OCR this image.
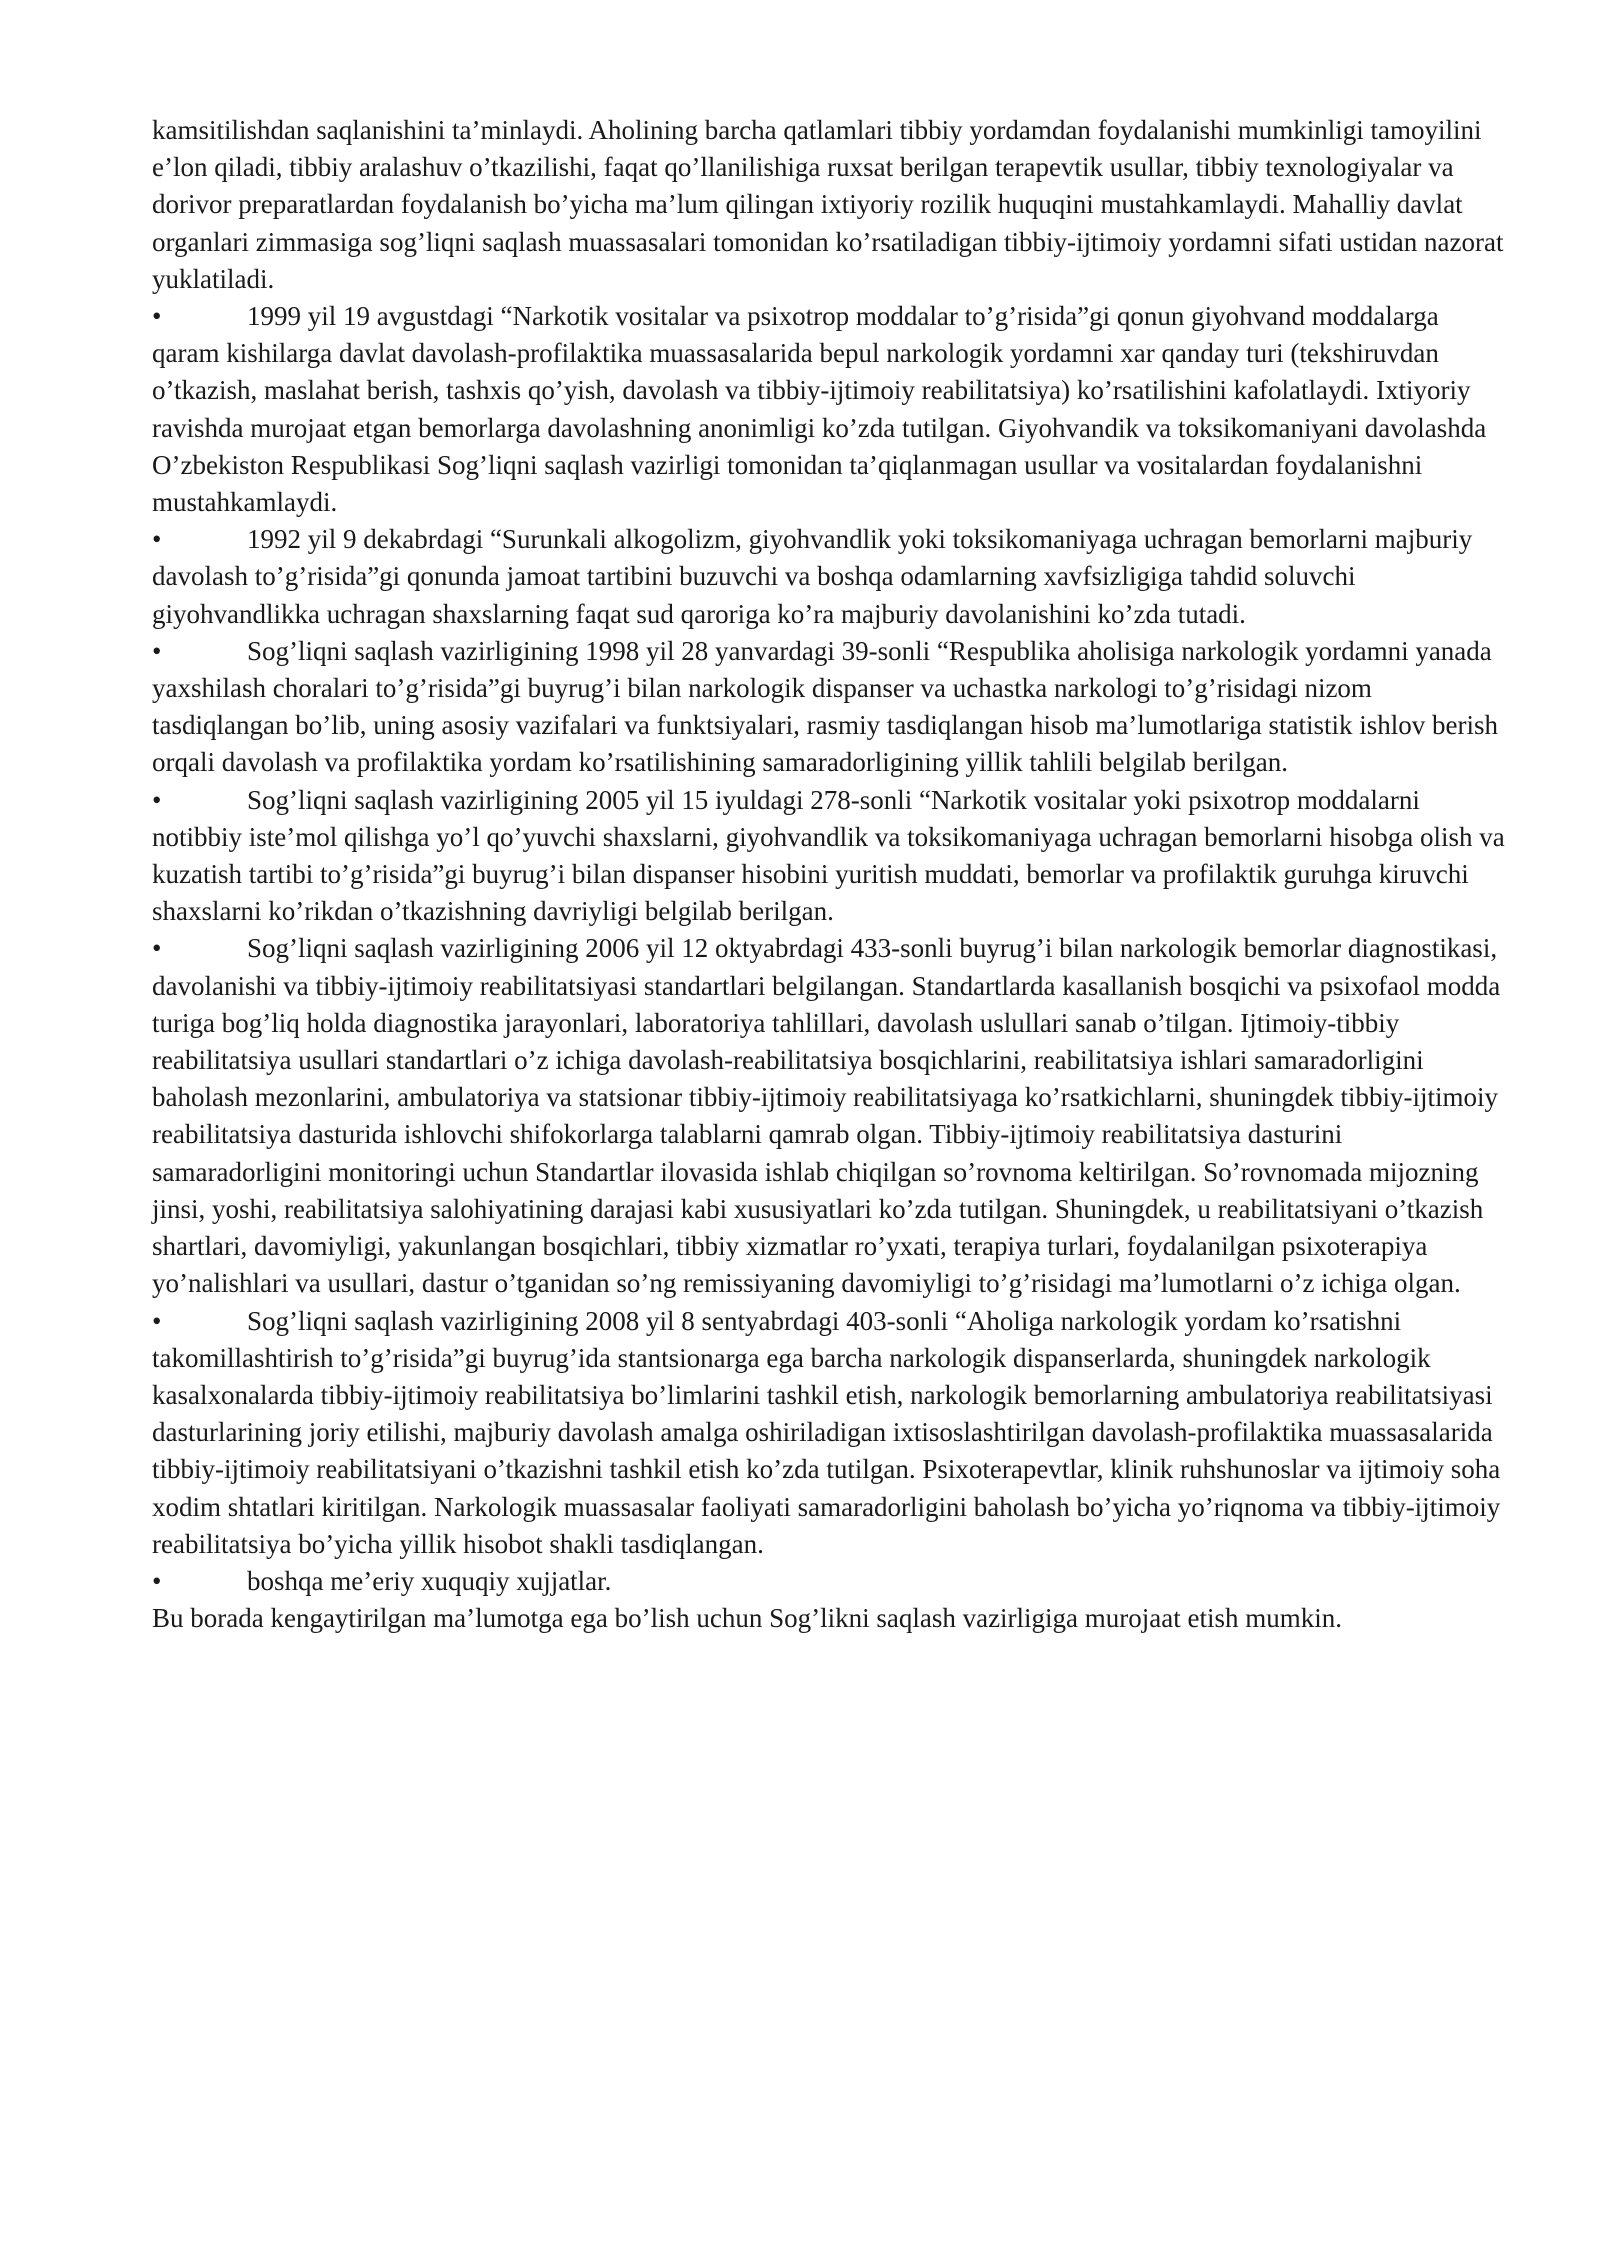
kamsitilishdan saqlanishini ta’minlaydi. Aholining barcha qatlamlari tibbiy yordamdan foydalanishi mumkinligi tamoyilini e’lon qiladi, tibbiy aralashuv o’tkazilishi, faqat qo’llanilishiga ruxsat berilgan terapevtik usullar, tibbiy texnologiyalar va dorivor preparatlardan foydalanish bo’yicha ma’lum qilingan ixtiyoriy rozilik huquqini mustahkamlaydi. Mahalliy davlat organlari zimmasiga sog’liqni saqlash muassasalari tomonidan ko’rsatiladigan tibbiy-ijtimoiy yordamni sifati ustidan nazorat yuklatiladi.

•	1999 yil 19 avgustdagi “Narkotik vositalar va psixotrop moddalar to’g’risida”gi qonun giyohvand moddalarga qaram kishilarga davlat davolash-profilaktika muassasalarida bepul narkologik yordamni xar qanday turi (tekshiruvdan o’tkazish, maslahat berish, tashxis qo’yish, davolash va tibbiy-ijtimoiy reabilitatsiya) ko’rsatilishini kafolatlaydi. Ixtiyoriy ravishda murojaat etgan bemorlarga davolashning anonimligi ko’zda tutilgan. Giyohvandik va toksikomaniyani davolashda O’zbekiston Respublikasi Sog’liqni saqlash vazirligi tomonidan ta’qiqlanmagan usullar va vositalardan foydalanishni mustahkamlaydi.

•	1992 yil 9 dekabrdagi “Surunkali alkogolizm, giyohvandlik yoki toksikomaniyaga uchragan bemorlarni majburiy davolash to’g’risida”gi qonunda jamoat tartibini buzuvchi va boshqa odamlarning xavfsizligiga tahdid soluvchi giyohvandlikka uchragan shaxslarning faqat sud qaroriga ko’ra majburiy davolanishini ko’zda tutadi.

•	Sog’liqni saqlash vazirligining 1998 yil 28 yanvardagi 39-sonli “Respublika aholisiga narkologik yordamni yanada yaxshilash choralari to’g’risida”gi buyrug’i bilan narkologik dispanser va uchastka narkologi to’g’risidagi nizom tasdiqlangan bo’lib, uning asosiy vazifalari va funktsiyalari, rasmiy tasdiqlangan hisob ma’lumotlariga statistik ishlov berish orqali davolash va profilaktika yordam ko’rsatilishining samaradorligining yillik tahlili belgilab berilgan.

•	Sog’liqni saqlash vazirligining 2005 yil 15 iyuldagi 278-sonli “Narkotik vositalar yoki psixotrop moddalarni notibbiy iste’mol qilishga yo’l qo’yuvchi shaxslarni, giyohvandlik va toksikomaniyaga uchragan bemorlarni hisobga olish va kuzatish tartibi to’g’risida”gi buyrug’i bilan dispanser hisobini yuritish muddati, bemorlar va profilaktik guruhga kiruvchi shaxslarni ko’rikdan o’tkazishning davriyligi belgilab berilgan.

•	Sog’liqni saqlash vazirligining 2006 yil 12 oktyabrdagi 433-sonli buyrug’i bilan narkologik bemorlar diagnostikasi, davolanishi va tibbiy-ijtimoiy reabilitatsiyasi standartlari belgilangan. Standartlarda kasallanish bosqichi va psixofaol modda turiga bog’liq holda diagnostika jarayonlari, laboratoriya tahlillari, davolash uslullari sanab o’tilgan. Ijtimoiy-tibbiy reabilitatsiya usullari standartlari o’z ichiga davolash-reabilitatsiya bosqichlarini, reabilitatsiya ishlari samaradorligini baholash mezonlarini, ambulatoriya va statsionar tibbiy-ijtimoiy reabilitatsiyaga ko’rsatkichlarni, shuningdek tibbiy-ijtimoiy reabilitatsiya dasturida ishlovchi shifokorlarga talablarni qamrab olgan. Tibbiy-ijtimoiy reabilitatsiya dasturini samaradorligini monitoringi uchun Standartlar ilovasida ishlab chiqilgan so’rovnoma keltirilgan. So’rovnomada mijozning jinsi, yoshi, reabilitatsiya salohiyatining darajasi kabi xususiyatlari ko’zda tutilgan. Shuningdek, u reabilitatsiyani o’tkazish shartlari, davomiyligi, yakunlangan bosqichlari, tibbiy xizmatlar ro’yxati, terapiya turlari, foydalanilgan psixoterapiya yo’nalishlari va usullari, dastur o’tganidan so’ng remissiyaning davomiyligi to’g’risidagi ma’lumotlarni o’z ichiga olgan.

•	Sog’liqni saqlash vazirligining 2008 yil 8 sentyabrdagi 403-sonli “Aholiga narkologik yordam ko’rsatishni takomillashtirish to’g’risida”gi buyrug’ida stantsionarga ega barcha narkologik dispanserlarda, shuningdek narkologik kasalxonalarda tibbiy-ijtimoiy reabilitatsiya bo’limlarini tashkil etish, narkologik bemorlarning ambulatoriya reabilitatsiyasi dasturlarining joriy etilishi, majburiy davolash amalga oshiriladigan ixtisoslashtirilgan davolash-profilaktika muassasalarida tibbiy-ijtimoiy reabilitatsiyani o’tkazishni tashkil etish ko’zda tutilgan. Psixoterapevtlar, klinik ruhshunoslar va ijtimoiy soha xodim shtatlari kiritilgan. Narkologik muassasalar faoliyati samaradorligini baholash bo’yicha yo’riqnoma va tibbiy-ijtimoiy reabilitatsiya bo’yicha yillik hisobot shakli tasdiqlangan.

•	boshqa me’eriy xuquqiy xujjatlar.

Bu borada kengaytirilgan ma’lumotga ega bo’lish uchun Sog’likni saqlash vazirligiga murojaat etish mumkin.
